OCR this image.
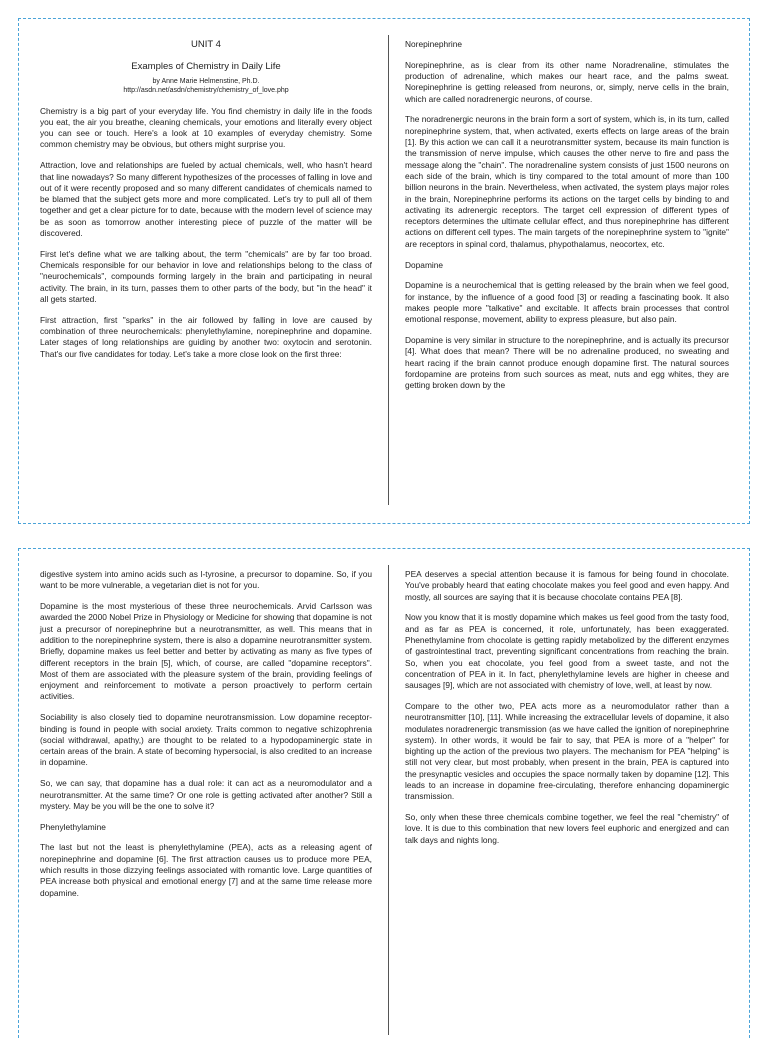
UNIT 4
Examples of Chemistry in Daily Life
by Anne Marie Helmenstine, Ph.D.
http://asdn.net/asdn/chemistry/chemistry_of_love.php

Chemistry is a big part of your everyday life. You find chemistry in daily life in the foods you eat, the air you breathe, cleaning chemicals, your emotions and literally every object you can see or touch. Here's a look at 10 examples of everyday chemistry. Some common chemistry may be obvious, but others might surprise you.

Attraction, love and relationships are fueled by actual chemicals, well, who hasn't heard that line nowadays? So many different hypothesizes of the processes of falling in love and out of it were recently proposed and so many different candidates of chemicals named to be blamed that the subject gets more and more complicated. Let's try to pull all of them together and get a clear picture for to date, because with the modern level of science may be as soon as tomorrow another interesting piece of puzzle of the matter will be discovered.

First let's define what we are talking about, the term "chemicals" are by far too broad. Chemicals responsible for our behavior in love and relationships belong to the class of "neurochemicals", compounds forming largely in the brain and participating in neural activity. The brain, in its turn, passes them to other parts of the body, but "in the head" it all gets started.

First attraction, first "sparks" in the air followed by falling in love are caused by combination of three neurochemicals: phenylethylamine, norepinephrine and dopamine. Later stages of long relationships are guiding by another two: oxytocin and serotonin. That's our five candidates for today. Let's take a more close look on the first three:

Norepinephrine

Norepinephrine, as is clear from its other name Noradrenaline, stimulates the production of adrenaline, which makes our heart race, and the palms sweat. Norepinephrine is getting released from neurons, or, simply, nerve cells in the brain, which are called noradrenergic neurons, of course.

The noradrenergic neurons in the brain form a sort of system, which is, in its turn, called norepinephrine system, that, when activated, exerts effects on large areas of the brain [1]. By this action we can call it a neurotransmitter system, because its main function is the transmission of nerve impulse, which causes the other nerve to fire and pass the message along the "chain". The noradrenaline system consists of just 1500 neurons on each side of the brain, which is tiny compared to the total amount of more than 100 billion neurons in the brain. Nevertheless, when activated, the system plays major roles in the brain, Norepinephrine performs its actions on the target cells by binding to and activating its adrenergic receptors. The target cell expression of different types of receptors determines the ultimate cellular effect, and thus norepinephrine has different actions on different cell types. The main targets of the norepinephrine system to "ignite" are receptors in spinal cord, thalamus, phypothalamus, neocortex, etc.

Dopamine

Dopamine is a neurochemical that is getting released by the brain when we feel good, for instance, by the influence of a good food [3] or reading a fascinating book. It also makes people more "talkative" and excitable. It affects brain processes that control emotional response, movement, ability to express pleasure, but also pain.

Dopamine is very similar in structure to the norepinephrine, and is actually its precursor [4]. What does that mean? There will be no adrenaline produced, no sweating and heart racing if the brain cannot produce enough dopamine first. The natural sources fordopamine are proteins from such sources as meat, nuts and egg whites, they are getting broken down by the

digestive system into amino acids such as l-tyrosine, a precursor to dopamine. So, if you want to be more vulnerable, a vegetarian diet is not for you.

Dopamine is the most mysterious of these three neurochemicals. Arvid Carlsson was awarded the 2000 Nobel Prize in Physiology or Medicine for showing that dopamine is not just a precursor of norepinephrine but a neurotransmitter, as well. This means that in addition to the norepinephrine system, there is also a dopamine neurotransmitter system. Briefly, dopamine makes us feel better and better by activating as many as five types of different receptors in the brain [5], which, of course, are called "dopamine receptors". Most of them are associated with the pleasure system of the brain, providing feelings of enjoyment and reinforcement to motivate a person proactively to perform certain activities.

Sociability is also closely tied to dopamine neurotransmission. Low dopamine receptor-binding is found in people with social anxiety. Traits common to negative schizophrenia (social withdrawal, apathy,) are thought to be related to a hypodopaminergic state in certain areas of the brain. A state of becoming hypersocial, is also credited to an increase in dopamine.

So, we can say, that dopamine has a dual role: it can act as a neuromodulator and a neurotransmitter. At the same time? Or one role is getting activated after another? Still a mystery. May be you will be the one to solve it?

Phenylethylamine

The last but not the least is phenylethylamine (PEA), acts as a releasing agent of norepinephrine and dopamine [6]. The first attraction causes us to produce more PEA, which results in those dizzying feelings associated with romantic love. Large quantities of PEA increase both physical and emotional energy [7] and at the same time release more dopamine.

PEA deserves a special attention because it is famous for being found in chocolate. You've probably heard that eating chocolate makes you feel good and even happy. And mostly, all sources are saying that it is because chocolate contains PEA [8].

Now you know that it is mostly dopamine which makes us feel good from the tasty food, and as far as PEA is concerned, it role, unfortunately, has been exaggerated. Phenethylamine from chocolate is getting rapidly metabolized by the different enzymes of gastrointestinal tract, preventing significant concentrations from reaching the brain. So, when you eat chocolate, you feel good from a sweet taste, and not the concentration of PEA in it. In fact, phenylethylamine levels are higher in cheese and sausages [9], which are not associated with chemistry of love, well, at least by now.

Compare to the other two, PEA acts more as a neuromodulator rather than a neurotransmitter [10], [11]. While increasing the extracellular levels of dopamine, it also modulates noradrenergic transmission (as we have called the ignition of norepinephrine system). In other words, it would be fair to say, that PEA is more of a "helper" for bighting up the action of the previous two players. The mechanism for PEA "helping" is still not very clear, but most probably, when present in the brain, PEA is captured into the presynaptic vesicles and occupies the space normally taken by dopamine [12]. This leads to an increase in dopamine free-circulating, therefore enhancing dopaminergic transmission.

So, only when these three chemicals combine together, we feel the real "chemistry" of love. It is due to this combination that new lovers feel euphoric and energized and can talk days and nights long.
